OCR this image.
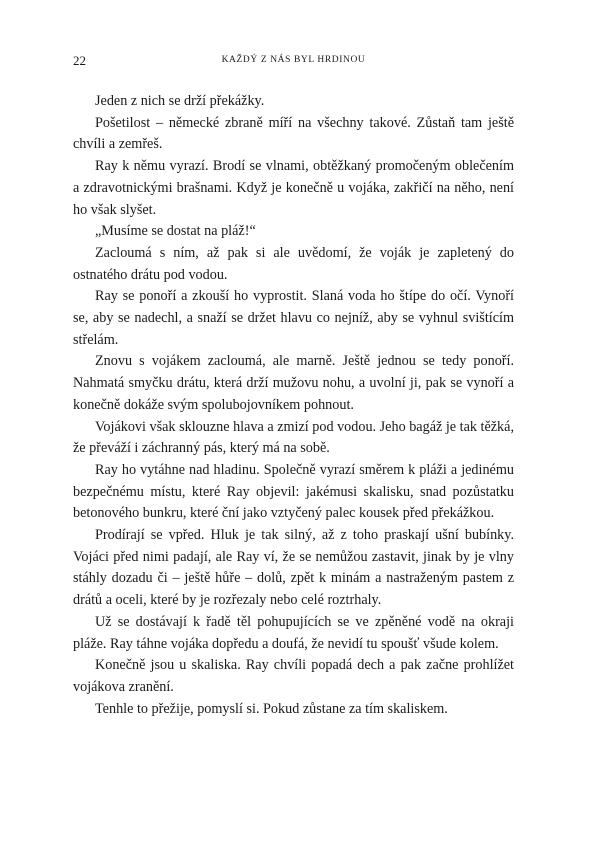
22	KAŽDÝ Z NÁS BYL HRDINOU

Jeden z nich se drží překážky.

Pošetilost – německé zbraně míří na všechny takové. Zůstaň tam ještě chvíli a zemřeš.

Ray k němu vyrazí. Brodí se vlnami, obtěžkaný promočeným oblečením a zdravotnickými brašnami. Když je konečně u vojáka, zakřičí na něho, není ho však slyšet.

„Musíme se dostat na pláž!“

Zacloumá s ním, až pak si ale uvědomí, že voják je zapletený do ostnatého drátu pod vodou.

Ray se ponoří a zkouší ho vyprostit. Slaná voda ho štípe do očí. Vynoří se, aby se nadechl, a snaží se držet hlavu co nejníž, aby se vyhnul svištícím střelám.

Znovu s vojákem zacloumá, ale marně. Ještě jednou se tedy ponoří. Nahmatá smyčku drátu, která drží mužovu nohu, a uvolní ji, pak se vynoří a konečně dokáže svým spolubojovníkem pohnout.

Vojákovi však sklouzne hlava a zmizí pod vodou. Jeho bagáž je tak těžká, že převáží i záchranný pás, který má na sobě.

Ray ho vytáhne nad hladinu. Společně vyrazí směrem k pláži a jedinému bezpečnému místu, které Ray objevil: jakémusi skalisku, snad pozůstatku betonového bunkru, které ční jako vztyčený palec kousek před překážkou.

Prodírají se vpřed. Hluk je tak silný, až z toho praskají ušní bubínky. Vojáci před nimi padají, ale Ray ví, že se nemůžou zastavit, jinak by je vlny stáhly dozadu či – ještě hůře – dolů, zpět k minám a nastraženým pastem z drátů a oceli, které by je rozřezaly nebo celé roztrhaly.

Už se dostávají k řadě těl pohupujících se ve zpěněné vodě na okraji pláže. Ray táhne vojáka dopředu a doufá, že nevidí tu spoušť všude kolem.

Konečně jsou u skaliska. Ray chvíli popadá dech a pak začne prohlížet vojákova zranění.

Tenhle to přežije, pomyslí si. Pokud zůstane za tím skaliskem.
